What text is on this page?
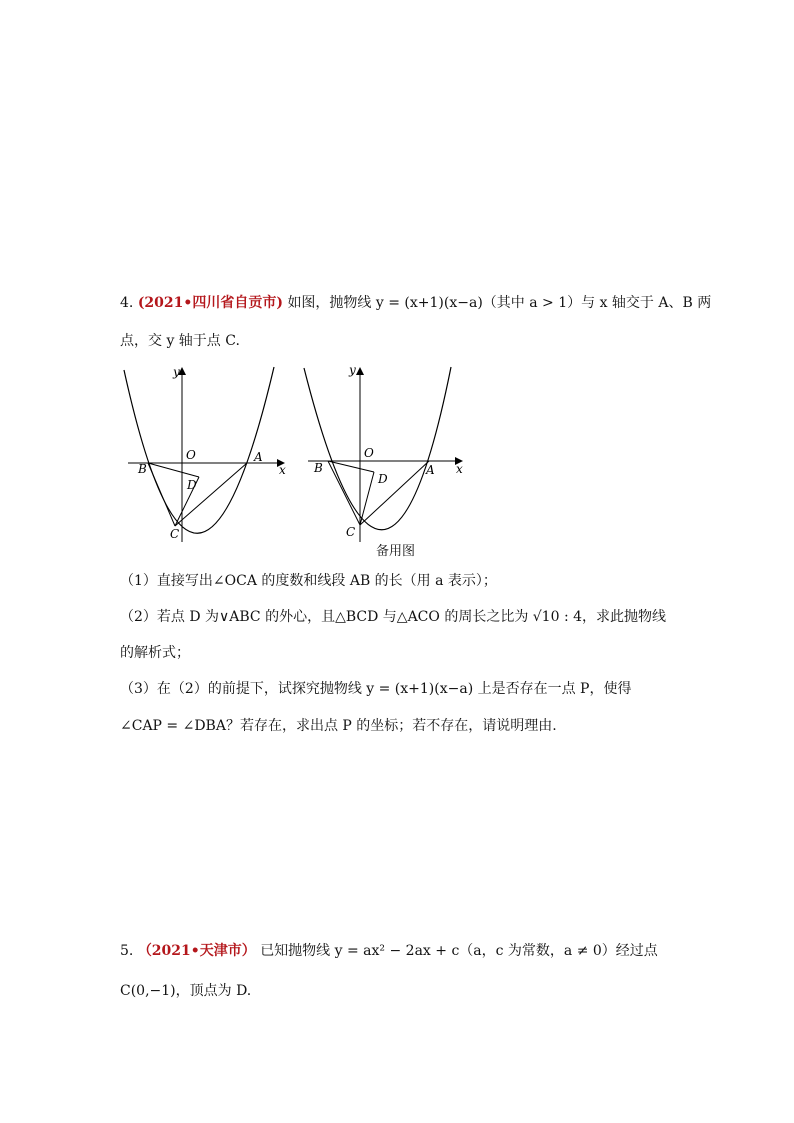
4. (2021•四川省自贡市) 如图，抛物线 y = (x+1)(x−a)（其中 a > 1）与 x 轴交于 A、B 两
点，交 y 轴于点 C.
y
x
O	A
B
C
D
y
x
O
A
B
C
D
备用图
（1）直接写出∠OCA 的度数和线段 AB 的长（用 a 表示）；
（2）若点 D 为∨ABC 的外心，且△BCD 与△ACO 的周长之比为 √10 : 4，求此抛物线
的解析式；
（3）在（2）的前提下，试探究抛物线 y = (x+1)(x−a) 上是否存在一点 P，使得
∠CAP = ∠DBA？若存在，求出点 P 的坐标；若不存在，请说明理由.
5. （2021•天津市） 已知抛物线 y = ax² − 2ax + c（a，c 为常数，a ≠ 0）经过点
C(0,−1)，顶点为 D.
